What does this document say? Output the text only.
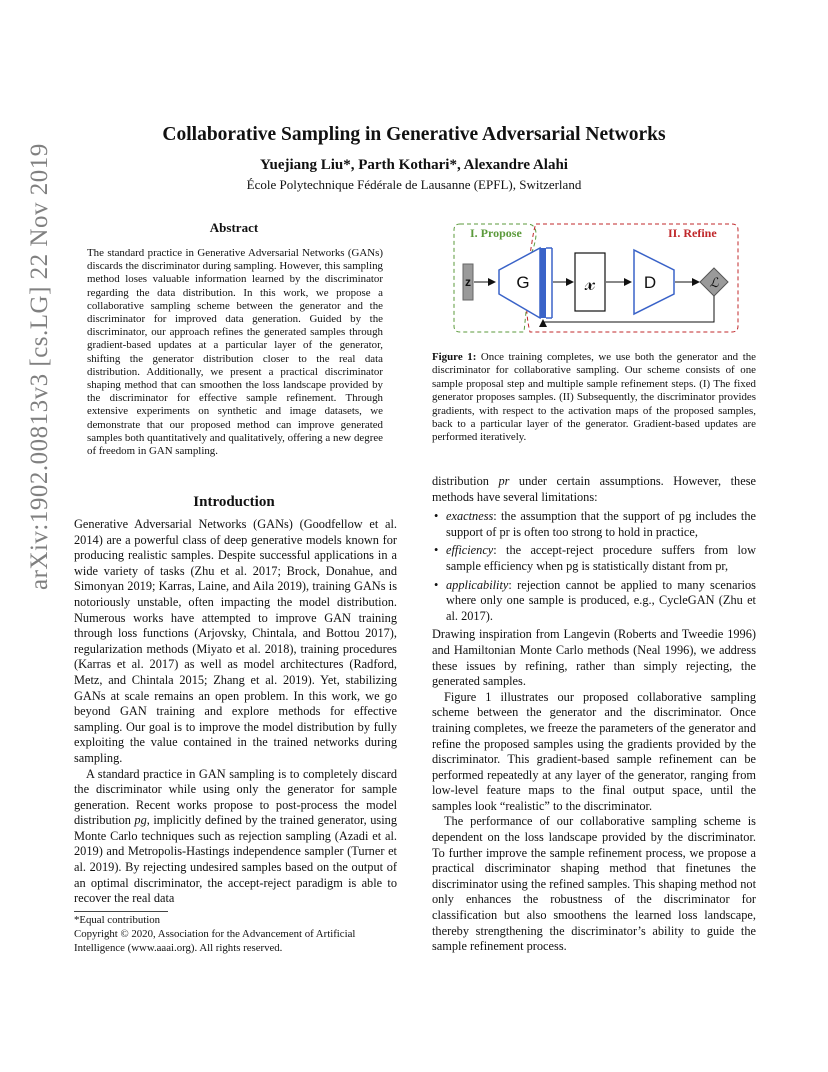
arXiv:1902.00813v3 [cs.LG] 22 Nov 2019
Collaborative Sampling in Generative Adversarial Networks
Yuejiang Liu*, Parth Kothari*, Alexandre Alahi
École Polytechnique Fédérale de Lausanne (EPFL), Switzerland
Abstract
The standard practice in Generative Adversarial Networks (GANs) discards the discriminator during sampling. However, this sampling method loses valuable information learned by the discriminator regarding the data distribution. In this work, we propose a collaborative sampling scheme between the generator and the discriminator for improved data generation. Guided by the discriminator, our approach refines the generated samples through gradient-based updates at a particular layer of the generator, shifting the generator distribution closer to the real data distribution. Additionally, we present a practical discriminator shaping method that can smoothen the loss landscape provided by the discriminator for effective sample refinement. Through extensive experiments on synthetic and image datasets, we demonstrate that our proposed method can improve generated samples both quantitatively and qualitatively, offering a new degree of freedom in GAN sampling.
Introduction

Generative Adversarial Networks (GANs) (Goodfellow et al. 2014) are a powerful class of deep generative models known for producing realistic samples. Despite successful applications in a wide variety of tasks (Zhu et al. 2017; Brock, Donahue, and Simonyan 2019; Karras, Laine, and Aila 2019), training GANs is notoriously unstable, often impacting the model distribution. Numerous works have attempted to improve GAN training through loss functions (Arjovsky, Chintala, and Bottou 2017), regularization methods (Miyato et al. 2018), training procedures (Karras et al. 2017) as well as model architectures (Radford, Metz, and Chintala 2015; Zhang et al. 2019). Yet, stabilizing GANs at scale remains an open problem. In this work, we go beyond GAN training and explore methods for effective sampling. Our goal is to improve the model distribution by fully exploiting the value contained in the trained networks during sampling.

A standard practice in GAN sampling is to completely discard the discriminator while using only the generator for sample generation. Recent works propose to post-process the model distribution pg, implicitly defined by the trained generator, using Monte Carlo techniques such as rejection sampling (Azadi et al. 2019) and Metropolis-Hastings independence sampler (Turner et al. 2019). By rejecting undesired samples based on the output of an optimal discriminator, the accept-reject paradigm is able to recover the real data

*Equal contribution
Copyright © 2020, Association for the Advancement of Artificial Intelligence (www.aaai.org). All rights reserved.
I. Propose	II. Refine
z	G	𝓍	D	ℒ
Figure 1: Once training completes, we use both the generator and the discriminator for collaborative sampling. Our scheme consists of one sample proposal step and multiple sample refinement steps. (I) The fixed generator proposes samples. (II) Subsequently, the discriminator provides gradients, with respect to the activation maps of the proposed samples, back to a particular layer of the generator. Gradient-based updates are performed iteratively.

distribution pr under certain assumptions. However, these methods have several limitations:

• exactness: the assumption that the support of pg includes the support of pr is often too strong to hold in practice,
• efficiency: the accept-reject procedure suffers from low sample efficiency when pg is statistically distant from pr,
• applicability: rejection cannot be applied to many scenarios where only one sample is produced, e.g., CycleGAN (Zhu et al. 2017).

Drawing inspiration from Langevin (Roberts and Tweedie 1996) and Hamiltonian Monte Carlo methods (Neal 1996), we address these issues by refining, rather than simply rejecting, the generated samples.

Figure 1 illustrates our proposed collaborative sampling scheme between the generator and the discriminator. Once training completes, we freeze the parameters of the generator and refine the proposed samples using the gradients provided by the discriminator. This gradient-based sample refinement can be performed repeatedly at any layer of the generator, ranging from low-level feature maps to the final output space, until the samples look “realistic” to the discriminator.

The performance of our collaborative sampling scheme is dependent on the loss landscape provided by the discriminator. To further improve the sample refinement process, we propose a practical discriminator shaping method that finetunes the discriminator using the refined samples. This shaping method not only enhances the robustness of the discriminator for classification but also smoothens the learned loss landscape, thereby strengthening the discriminator’s ability to guide the sample refinement process.
